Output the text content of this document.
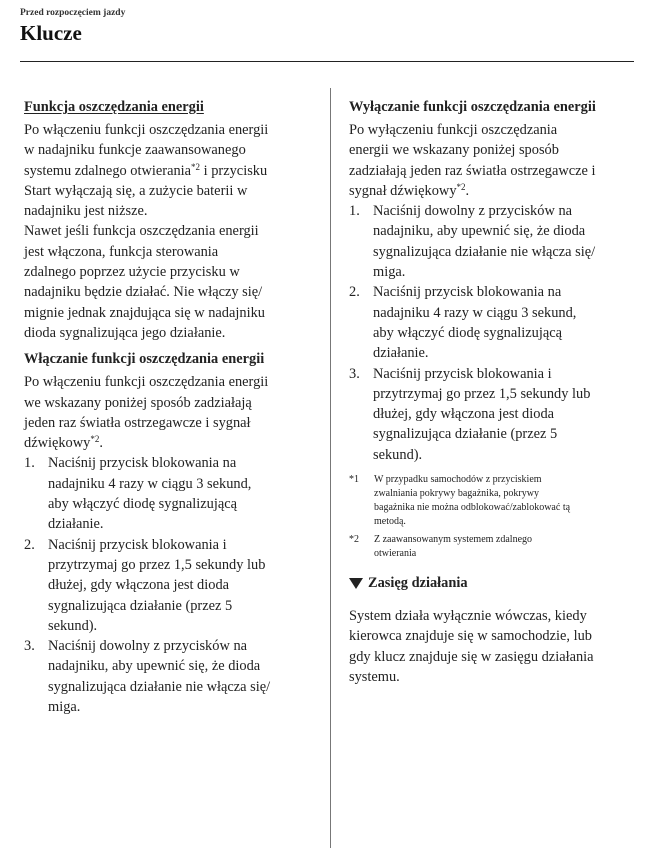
Przed rozpoczęciem jazdy
Klucze
Funkcja oszczędzania energii

Po włączeniu funkcji oszczędzania energii
w nadajniku funkcje zaawansowanego
systemu zdalnego otwierania$^{*2}$ i przycisku
Start wyłączają się, a zużycie baterii w
nadajniku jest niższe.

Nawet jeśli funkcja oszczędzania energii
jest włączona, funkcja sterowania
zdalnego poprzez użycie przycisku w
nadajniku będzie działać. Nie włączy się/
mignie jednak znajdująca się w nadajniku
dioda sygnalizująca jego działanie.

Włączanie funkcji oszczędzania energii

Po włączeniu funkcji oszczędzania energii
we wskazany poniżej sposób zadziałają
jeden raz światła ostrzegawcze i sygnał
dźwiękowy$^{*2}$.

1. Naciśnij przycisk blokowania na
nadajniku 4 razy w ciągu 3 sekund,
aby włączyć diodę sygnalizującą
działanie.
2. Naciśnij przycisk blokowania i
przytrzymaj go przez 1,5 sekundy lub
dłużej, gdy włączona jest dioda
sygnalizująca działanie (przez 5
sekund).
3. Naciśnij dowolny z przycisków na
nadajniku, aby upewnić się, że dioda
sygnalizująca działanie nie włącza się/
miga.
Wyłączanie funkcji oszczędzania energii

Po wyłączeniu funkcji oszczędzania
energii we wskazany poniżej sposób
zadziałają jeden raz światła ostrzegawcze i
sygnał dźwiękowy$^{*2}$.

1. Naciśnij dowolny z przycisków na
nadajniku, aby upewnić się, że dioda
sygnalizująca działanie nie włącza się/
miga.
2. Naciśnij przycisk blokowania na
nadajniku 4 razy w ciągu 3 sekund,
aby włączyć diodę sygnalizującą
działanie.
3. Naciśnij przycisk blokowania i
przytrzymaj go przez 1,5 sekundy lub
dłużej, gdy włączona jest dioda
sygnalizująca działanie (przez 5
sekund).
*1	W przypadku samochodów z przyciskiem
zwalniania pokrywy bagażnika, pokrywy
bagażnika nie można odblokować/zablokować tą
metodą.
*2	Z zaawansowanym systemem zdalnego
otwierania
Zasięg działania

System działa wyłącznie wówczas, kiedy
kierowca znajduje się w samochodzie, lub
gdy klucz znajduje się w zasięgu działania
systemu.
